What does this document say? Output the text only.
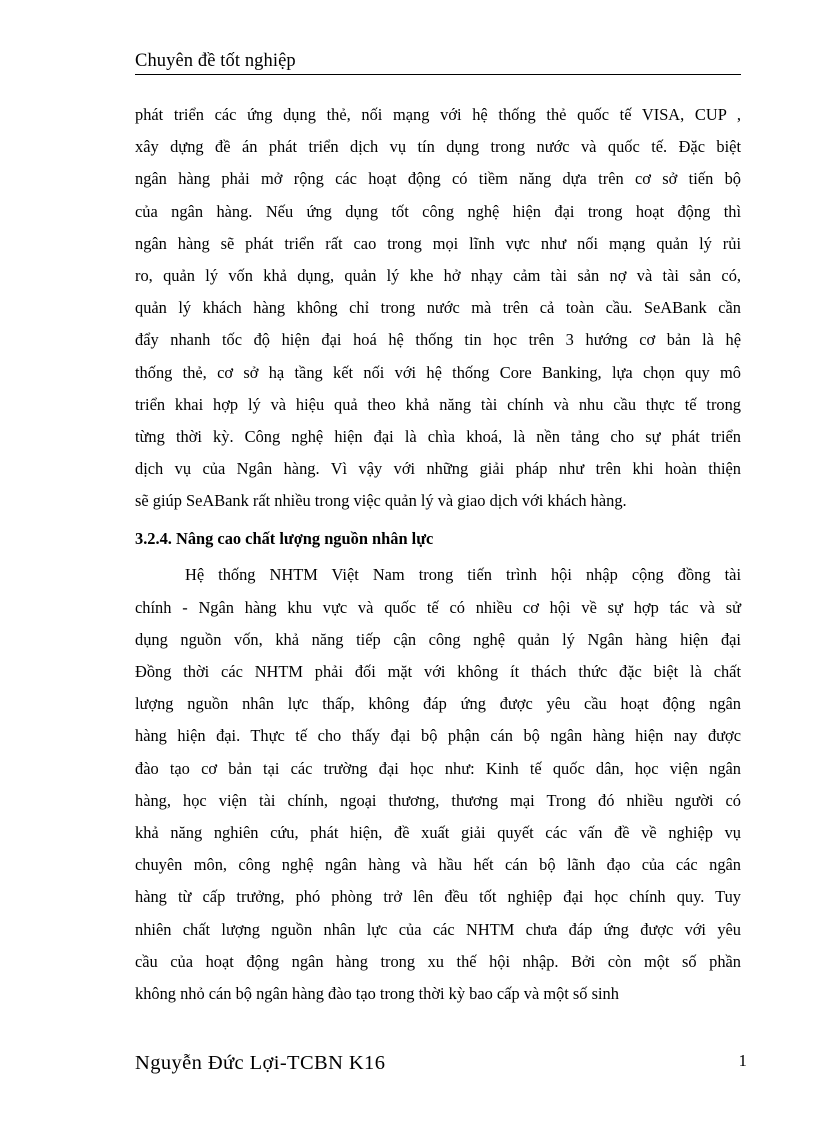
Chuyên đề tốt nghiệp

phát triển các ứng dụng thẻ, nối mạng với hệ thống thẻ quốc tế VISA, CUP ,
xây dựng đề án phát triển dịch vụ tín dụng trong nước và quốc tế. Đặc biệt
ngân hàng phải mở rộng các hoạt động có tiềm năng dựa trên cơ sở tiến bộ
của ngân hàng. Nếu ứng dụng tốt công nghệ hiện đại trong hoạt động thì
ngân hàng sẽ phát triển rất cao trong mọi lĩnh vực như nối mạng quản lý rủi
ro, quản lý vốn khả dụng, quản lý khe hở nhạy cảm tài sản nợ và tài sản có,
quản lý khách hàng không chỉ trong nước mà trên cả toàn cầu. SeABank cần
đẩy nhanh tốc độ hiện đại hoá hệ thống tin học trên 3 hướng cơ bản là hệ
thống thẻ, cơ sở hạ tầng kết nối với hệ thống Core Banking, lựa chọn quy mô
triển khai hợp lý và hiệu quả theo khả năng tài chính và nhu cầu thực tế trong
từng thời kỳ. Công nghệ hiện đại là chìa khoá, là nền tảng cho sự phát triển
dịch vụ của Ngân hàng. Vì vậy với những giải pháp như trên khi hoàn thiện
sẽ giúp SeABank rất nhiều trong việc quản lý và giao dịch với khách hàng.

3.2.4. Nâng cao chất lượng nguồn nhân lực

Hệ thống NHTM Việt Nam trong tiến trình hội nhập cộng đồng tài
chính - Ngân hàng khu vực và quốc tế có nhiều cơ hội về sự hợp tác và sử
dụng nguồn vốn, khả năng tiếp cận công nghệ quản lý Ngân hàng hiện đại
Đồng thời các NHTM phải đối mặt với không ít thách thức đặc biệt là chất
lượng nguồn nhân lực thấp, không đáp ứng được yêu cầu hoạt động ngân
hàng hiện đại. Thực tế cho thấy đại bộ phận cán bộ ngân hàng hiện nay được
đào tạo cơ bản tại các trường đại học như: Kinh tế quốc dân, học viện ngân
hàng, học viện tài chính, ngoại thương, thương mại Trong đó nhiều người có
khả năng nghiên cứu, phát hiện, đề xuất giải quyết các vấn đề về nghiệp vụ
chuyên môn, công nghệ ngân hàng và hầu hết cán bộ lãnh đạo của các ngân
hàng từ cấp trưởng, phó phòng trở lên đều tốt nghiệp đại học chính quy. Tuy
nhiên chất lượng nguồn nhân lực của các NHTM chưa đáp ứng được với yêu
cầu của hoạt động ngân hàng trong xu thế hội nhập. Bởi còn một số phần
không nhỏ cán bộ ngân hàng đào tạo trong thời kỳ bao cấp và một số sinh

Nguyễn Đức Lợi-TCBN K16	1
